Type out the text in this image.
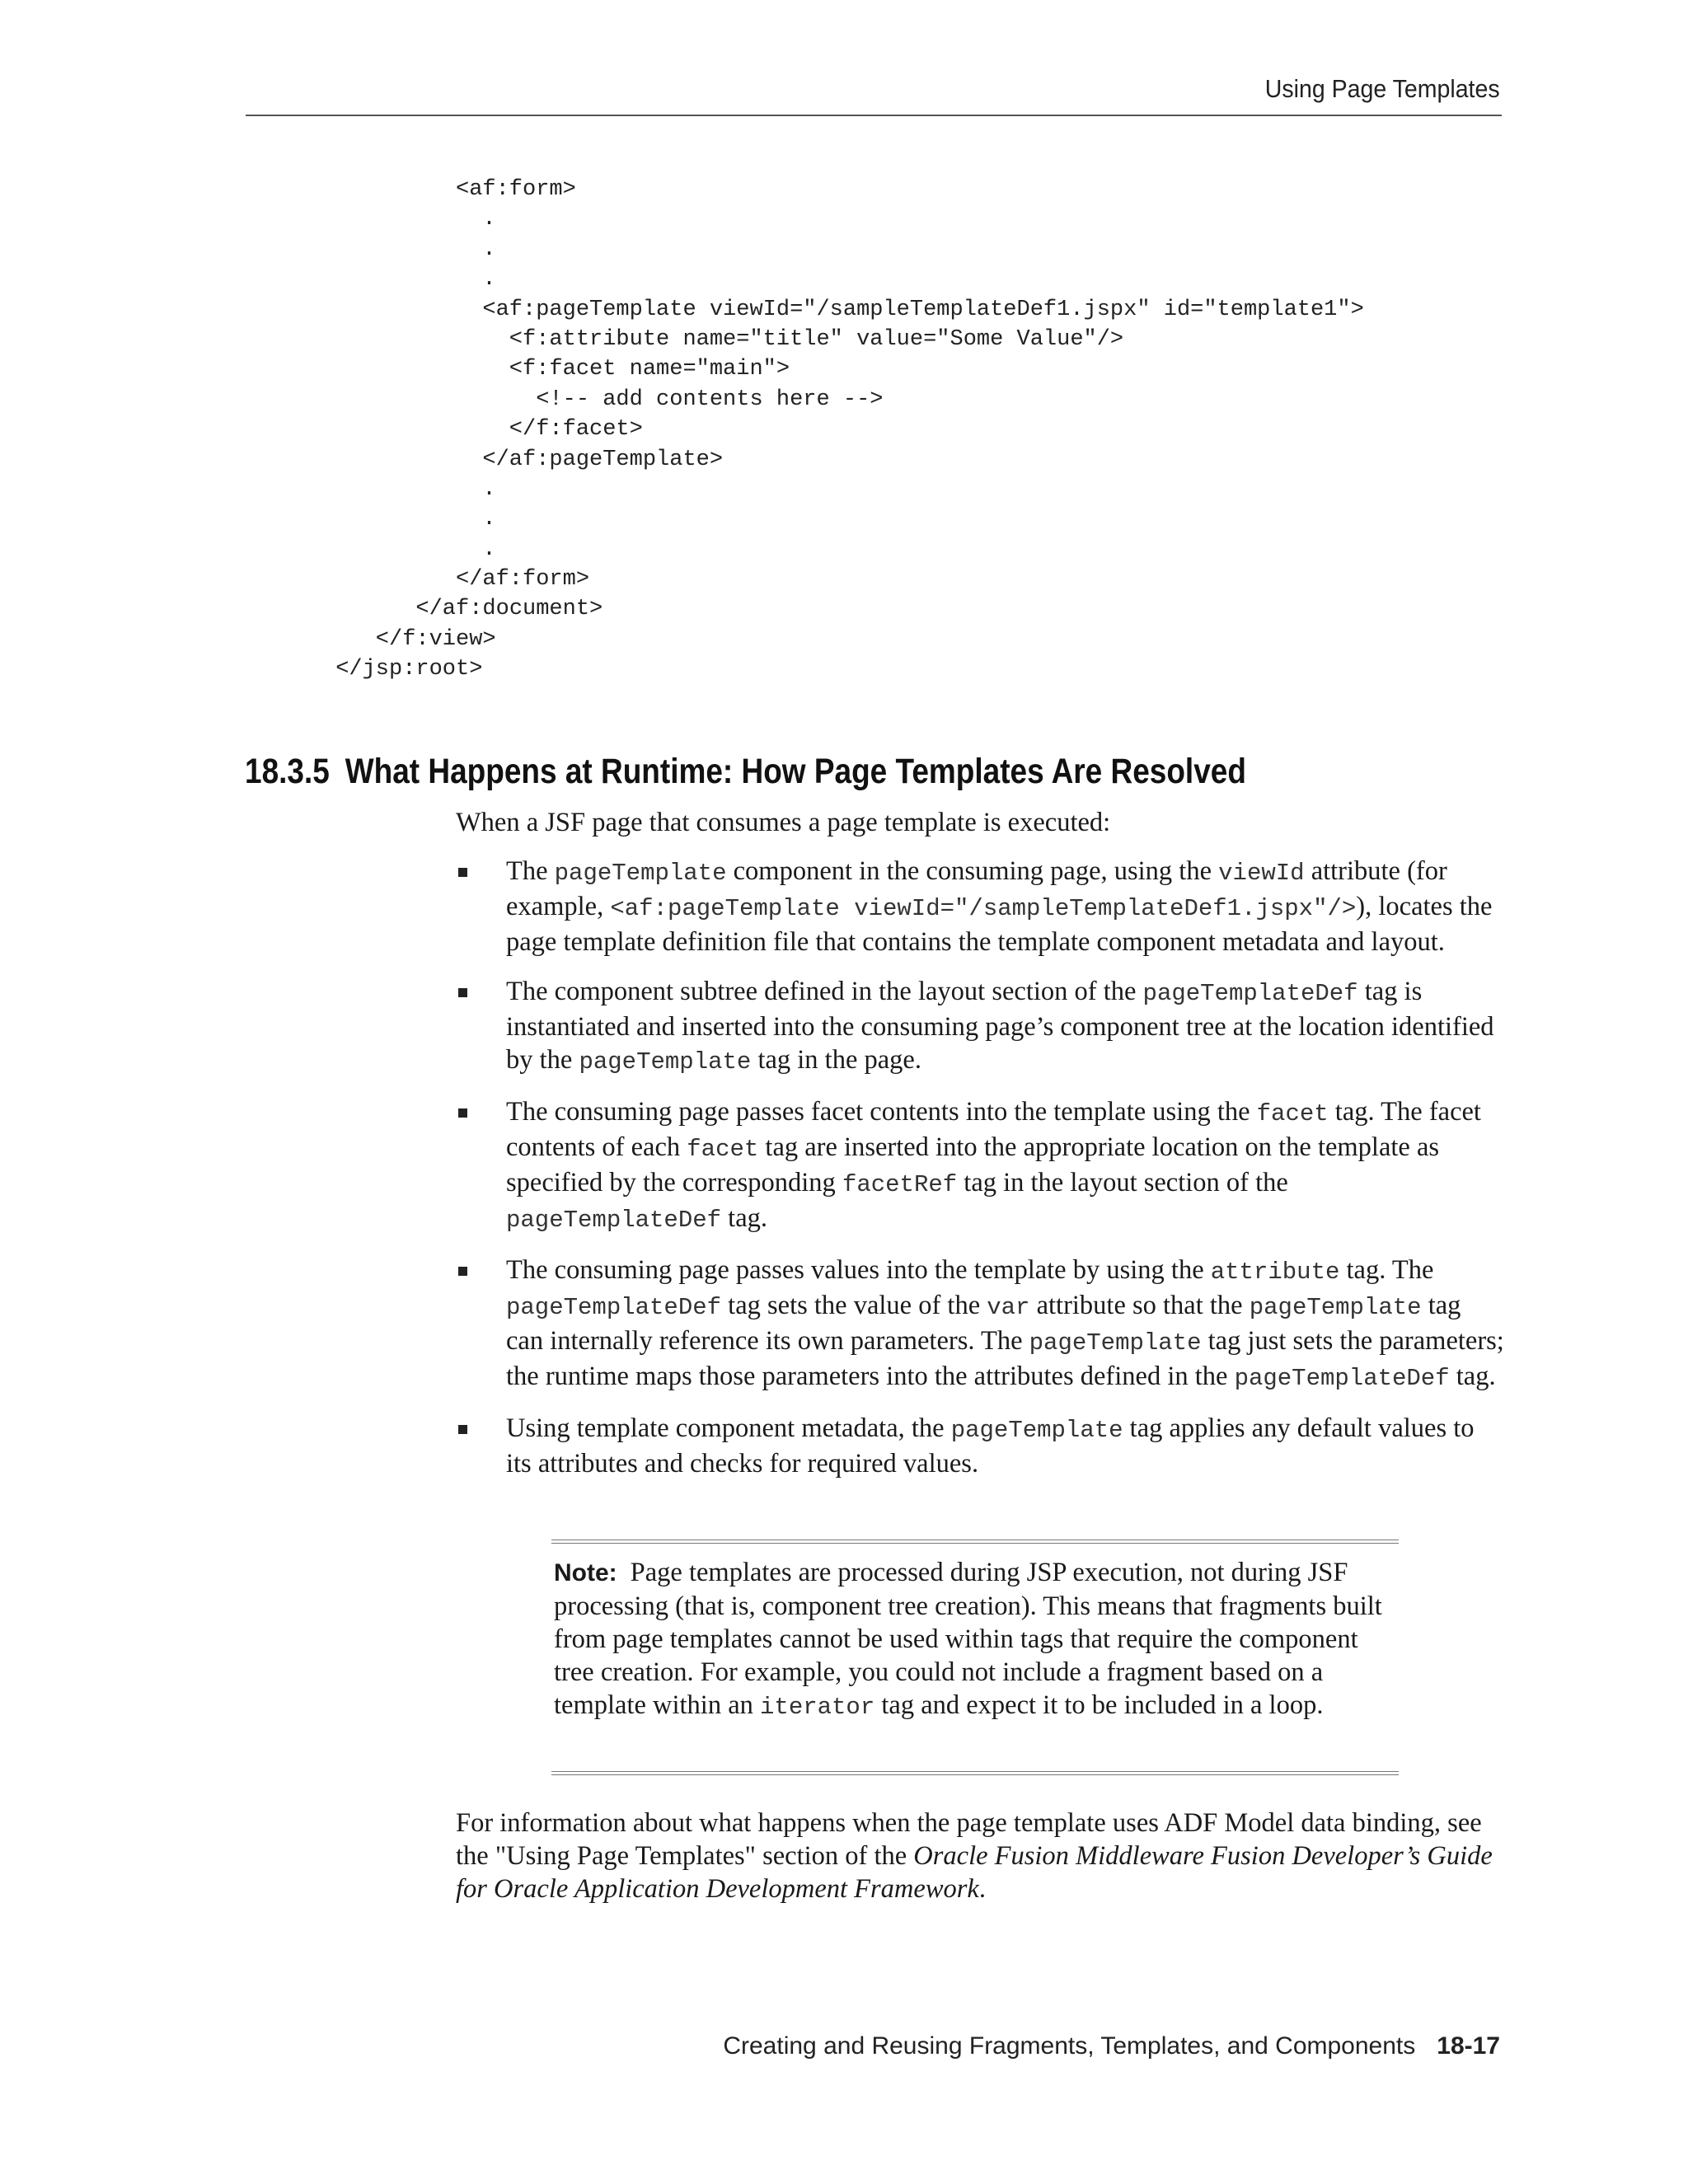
Using Page Templates
<af:form>
.
.
.
<af:pageTemplate viewId="/sampleTemplateDef1.jspx" id="template1">
<f:attribute name="title" value="Some Value"/>
<f:facet name="main">
<!-- add contents here -->
</f:facet>
</af:pageTemplate>
.
.
.
</af:form>
</af:document>
</f:view>
</jsp:root>
18.3.5 What Happens at Runtime: How Page Templates Are Resolved
When a JSF page that consumes a page template is executed:
The pageTemplate component in the consuming page, using the viewId attribute (for example, <af:pageTemplate viewId="/sampleTemplateDef1.jspx"/>), locates the page template definition file that contains the template component metadata and layout.
The component subtree defined in the layout section of the pageTemplateDef tag is instantiated and inserted into the consuming page’s component tree at the location identified by the pageTemplate tag in the page.
The consuming page passes facet contents into the template using the facet tag. The facet contents of each facet tag are inserted into the appropriate location on the template as specified by the corresponding facetRef tag in the layout section of the pageTemplateDef tag.
The consuming page passes values into the template by using the attribute tag. The pageTemplateDef tag sets the value of the var attribute so that the pageTemplate tag can internally reference its own parameters. The pageTemplate tag just sets the parameters; the runtime maps those parameters into the attributes defined in the pageTemplateDef tag.
Using template component metadata, the pageTemplate tag applies any default values to its attributes and checks for required values.
Note: Page templates are processed during JSP execution, not during JSF processing (that is, component tree creation). This means that fragments built from page templates cannot be used within tags that require the component tree creation. For example, you could not include a fragment based on a template within an iterator tag and expect it to be included in a loop.
For information about what happens when the page template uses ADF Model data binding, see the "Using Page Templates" section of the Oracle Fusion Middleware Fusion Developer’s Guide for Oracle Application Development Framework.
Creating and Reusing Fragments, Templates, and Components 18-17
